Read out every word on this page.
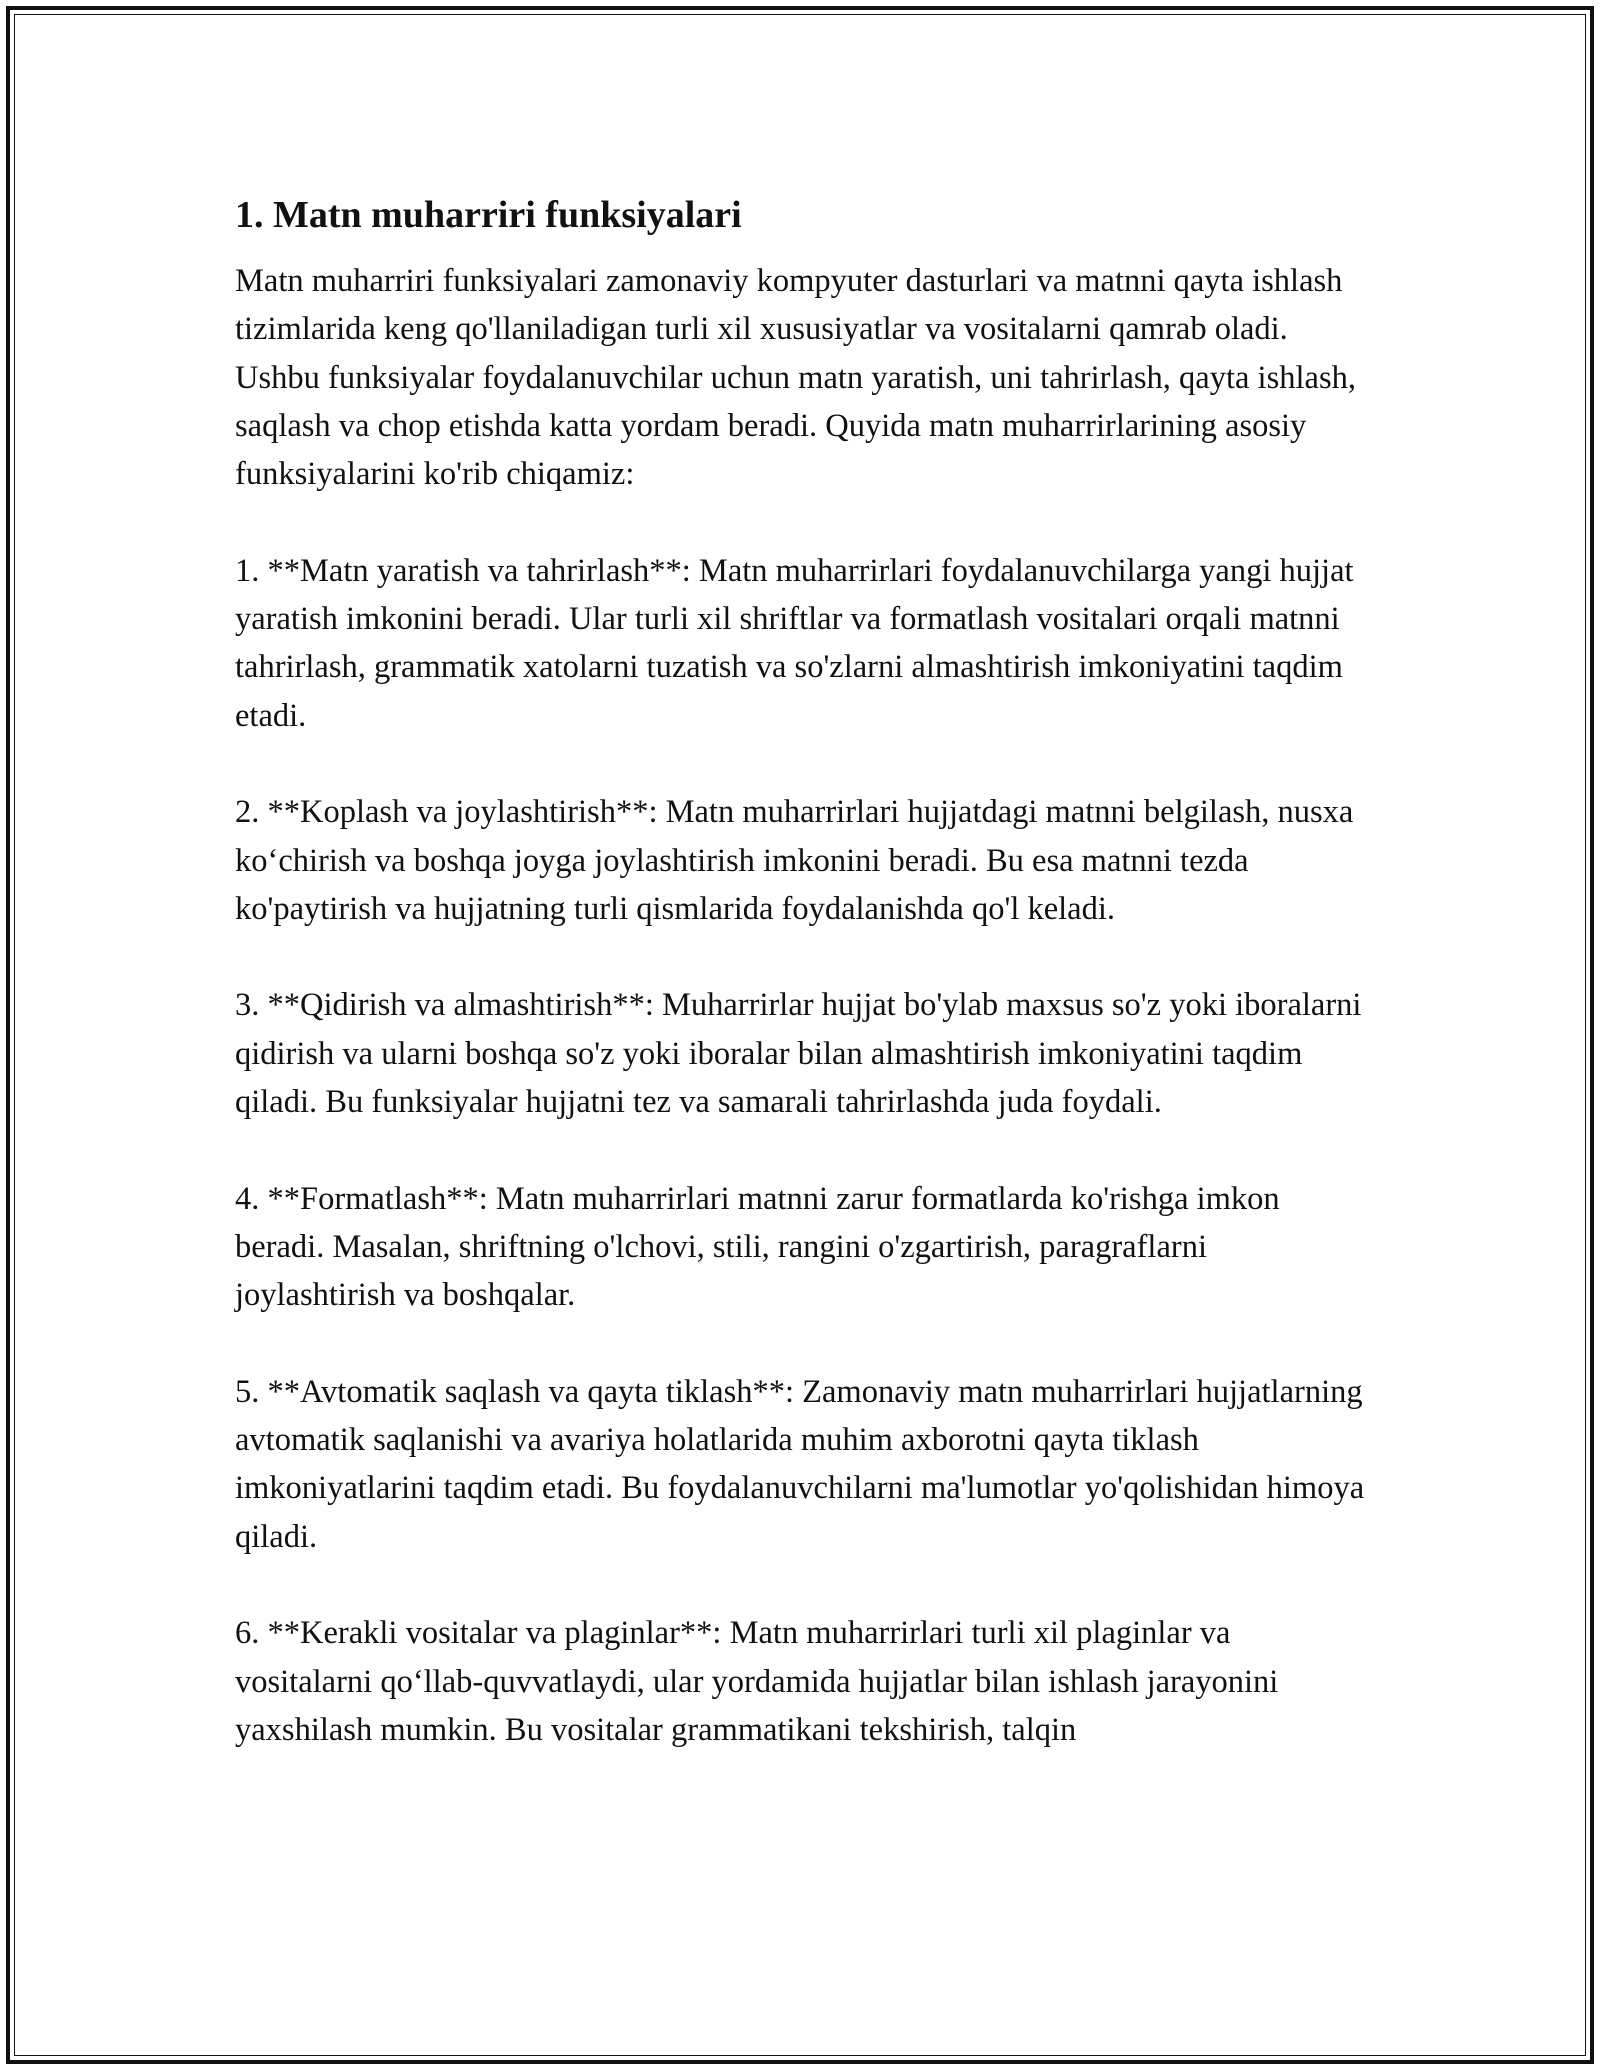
1. Matn muharriri funksiyalari

Matn muharriri funksiyalari zamonaviy kompyuter dasturlari va matnni qayta ishlash tizimlarida keng qo'llaniladigan turli xil xususiyatlar va vositalarni qamrab oladi. Ushbu funksiyalar foydalanuvchilar uchun matn yaratish, uni tahrirlash, qayta ishlash, saqlash va chop etishda katta yordam beradi. Quyida matn muharrirlarining asosiy funksiyalarini ko'rib chiqamiz:

1. **Matn yaratish va tahrirlash**: Matn muharrirlari foydalanuvchilarga yangi hujjat yaratish imkonini beradi. Ular turli xil shriftlar va formatlash vositalari orqali matnni tahrirlash, grammatik xatolarni tuzatish va so'zlarni almashtirish imkoniyatini taqdim etadi.

2. **Koplash va joylashtirish**: Matn muharrirlari hujjatdagi matnni belgilash, nusxa ko‘chirish va boshqa joyga joylashtirish imkonini beradi. Bu esa matnni tezda ko'paytirish va hujjatning turli qismlarida foydalanishda qo'l keladi.

3. **Qidirish va almashtirish**: Muharrirlar hujjat bo'ylab maxsus so'z yoki iboralarni qidirish va ularni boshqa so'z yoki iboralar bilan almashtirish imkoniyatini taqdim qiladi. Bu funksiyalar hujjatni tez va samarali tahrirlashda juda foydali.

4. **Formatlash**: Matn muharrirlari matnni zarur formatlarda ko'rishga imkon beradi. Masalan, shriftning o'lchovi, stili, rangini o'zgartirish, paragraflarni joylashtirish va boshqalar.

5. **Avtomatik saqlash va qayta tiklash**: Zamonaviy matn muharrirlari hujjatlarning avtomatik saqlanishi va avariya holatlarida muhim axborotni qayta tiklash imkoniyatlarini taqdim etadi. Bu foydalanuvchilarni ma'lumotlar yo'qolishidan himoya qiladi.

6. **Kerakli vositalar va plaginlar**: Matn muharrirlari turli xil plaginlar va vositalarni qo‘llab-quvvatlaydi, ular yordamida hujjatlar bilan ishlash jarayonini yaxshilash mumkin. Bu vositalar grammatikani tekshirish, talqin
